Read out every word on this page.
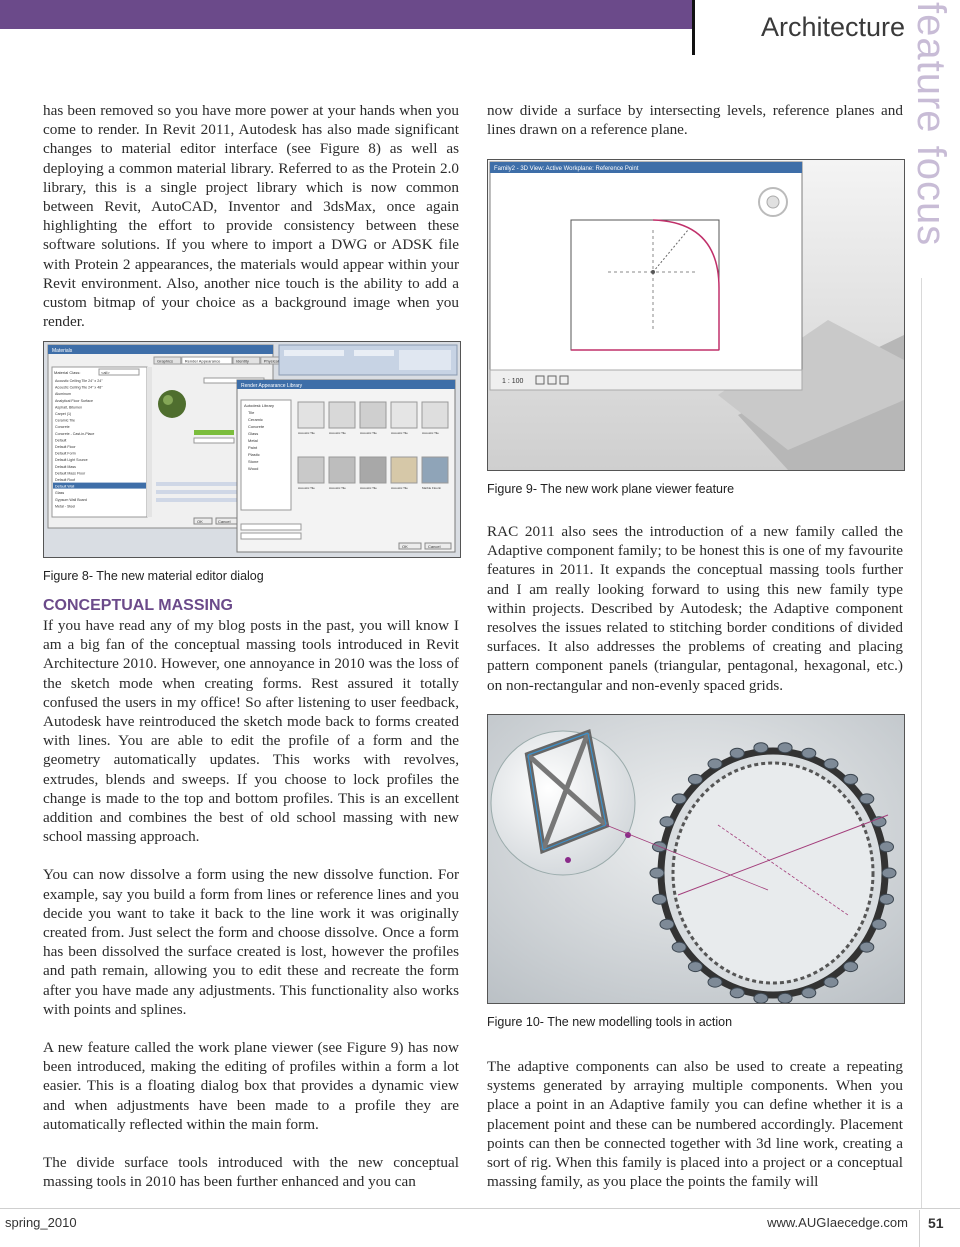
Architecture feature focus

has been removed so you have more power at your hands when you come to render. In Revit 2011, Autodesk has also made significant changes to material editor interface (see Figure 8) as well as deploying a common material library. Referred to as the Protein 2.0 library, this is a single project library which is now common between Revit, AutoCAD, Inventor and 3dsMax, once again highlighting the effort to provide consistency between these software solutions. If you where to import a DWG or ADSK file with Protein 2 appearances, the materials would appear within your Revit environment. Also, another nice touch is the ability to add a custom bitmap of your choice as a background image when you render.

Materials
Material Class:	<all>
Acoustic Ceiling Tile 24" x 24"
Acoustic Ceiling Tile 24" x 48"
Aluminum
Analytical Floor Surface
Asphalt, Bitumen
Carpet (1)
Ceramic Tile
Concrete
Concrete - Cast-in-Place
Default
Default Floor
Default Form
Default Light Source
Default Mass
Default Mass Floor
Default Roof
Default Wall
Glass
Gypsum Wall Board
Metal - Steel
Graphics	Render Appearance	Identity	Physical
OK	Cancel
Render Appearance Library
Autodesk Library
Tile
Ceramic
Concrete
Glass
Metal
Paint
Plastic
Stone
Wood
Acoustic Tile	Acoustic Tile	Acoustic Tile	Acoustic Tile	Acoustic Tile
Acoustic Tile	Acoustic Tile	Acoustic Tile	Acoustic Tile	Marble Floorin
OK	Cancel
Figure 8- The new material editor dialog
CONCEPTUAL MASSING

If you have read any of my blog posts in the past, you will know I am a big fan of the conceptual massing tools introduced in Revit Architecture 2010. However, one annoyance in 2010 was the loss of the sketch mode when creating forms. Rest assured it totally confused the users in my office! So after listening to user feedback, Autodesk have reintroduced the sketch mode back to forms created with lines. You are able to edit the profile of a form and the geometry automatically updates. This works with revolves, extrudes, blends and sweeps. If you choose to lock profiles the change is made to the top and bottom profiles. This is an excellent addition and combines the best of old school massing with new school massing approach.

You can now dissolve a form using the new dissolve function. For example, say you build a form from lines or reference lines and you decide you want to take it back to the line work it was originally created from. Just select the form and choose dissolve. Once a form has been dissolved the surface created is lost, however the profiles and path remain, allowing you to edit these and recreate the form after you have made any adjustments. This functionality also works with points and splines.

A new feature called the work plane viewer (see Figure 9) has now been introduced, making the editing of profiles within a form a lot easier. This is a floating dialog box that provides a dynamic view and when adjustments have been made to a profile they are automatically reflected within the main form.

The divide surface tools introduced with the new conceptual massing tools in 2010 has been further enhanced and you can

now divide a surface by intersecting levels, reference planes and lines drawn on a reference plane.

Family2 - 3D View: Active Workplane: Reference Point
1 : 100
Figure 9- The new work plane viewer feature

RAC 2011 also sees the introduction of a new family called the Adaptive component family; to be honest this is one of my favourite features in 2011. It expands the conceptual massing tools further and I am really looking forward to using this new family type within projects. Described by Autodesk; the Adaptive component resolves the issues related to stitching border conditions of divided surfaces. It also addresses the problems of creating and placing pattern component panels (triangular, pentagonal, hexagonal, etc.) on non-rectangular and non-evenly spaced grids.

Figure 10- The new modelling tools in action

The adaptive components can also be used to create a repeating systems generated by arraying multiple components. When you place a point in an Adaptive family you can define whether it is a placement point and these can be numbered accordingly. Placement points can then be connected together with 3d line work, creating a sort of rig. When this family is placed into a project or a conceptual massing family, as you place the points the family will

spring_2010	www.AUGIaecedge.com 51
